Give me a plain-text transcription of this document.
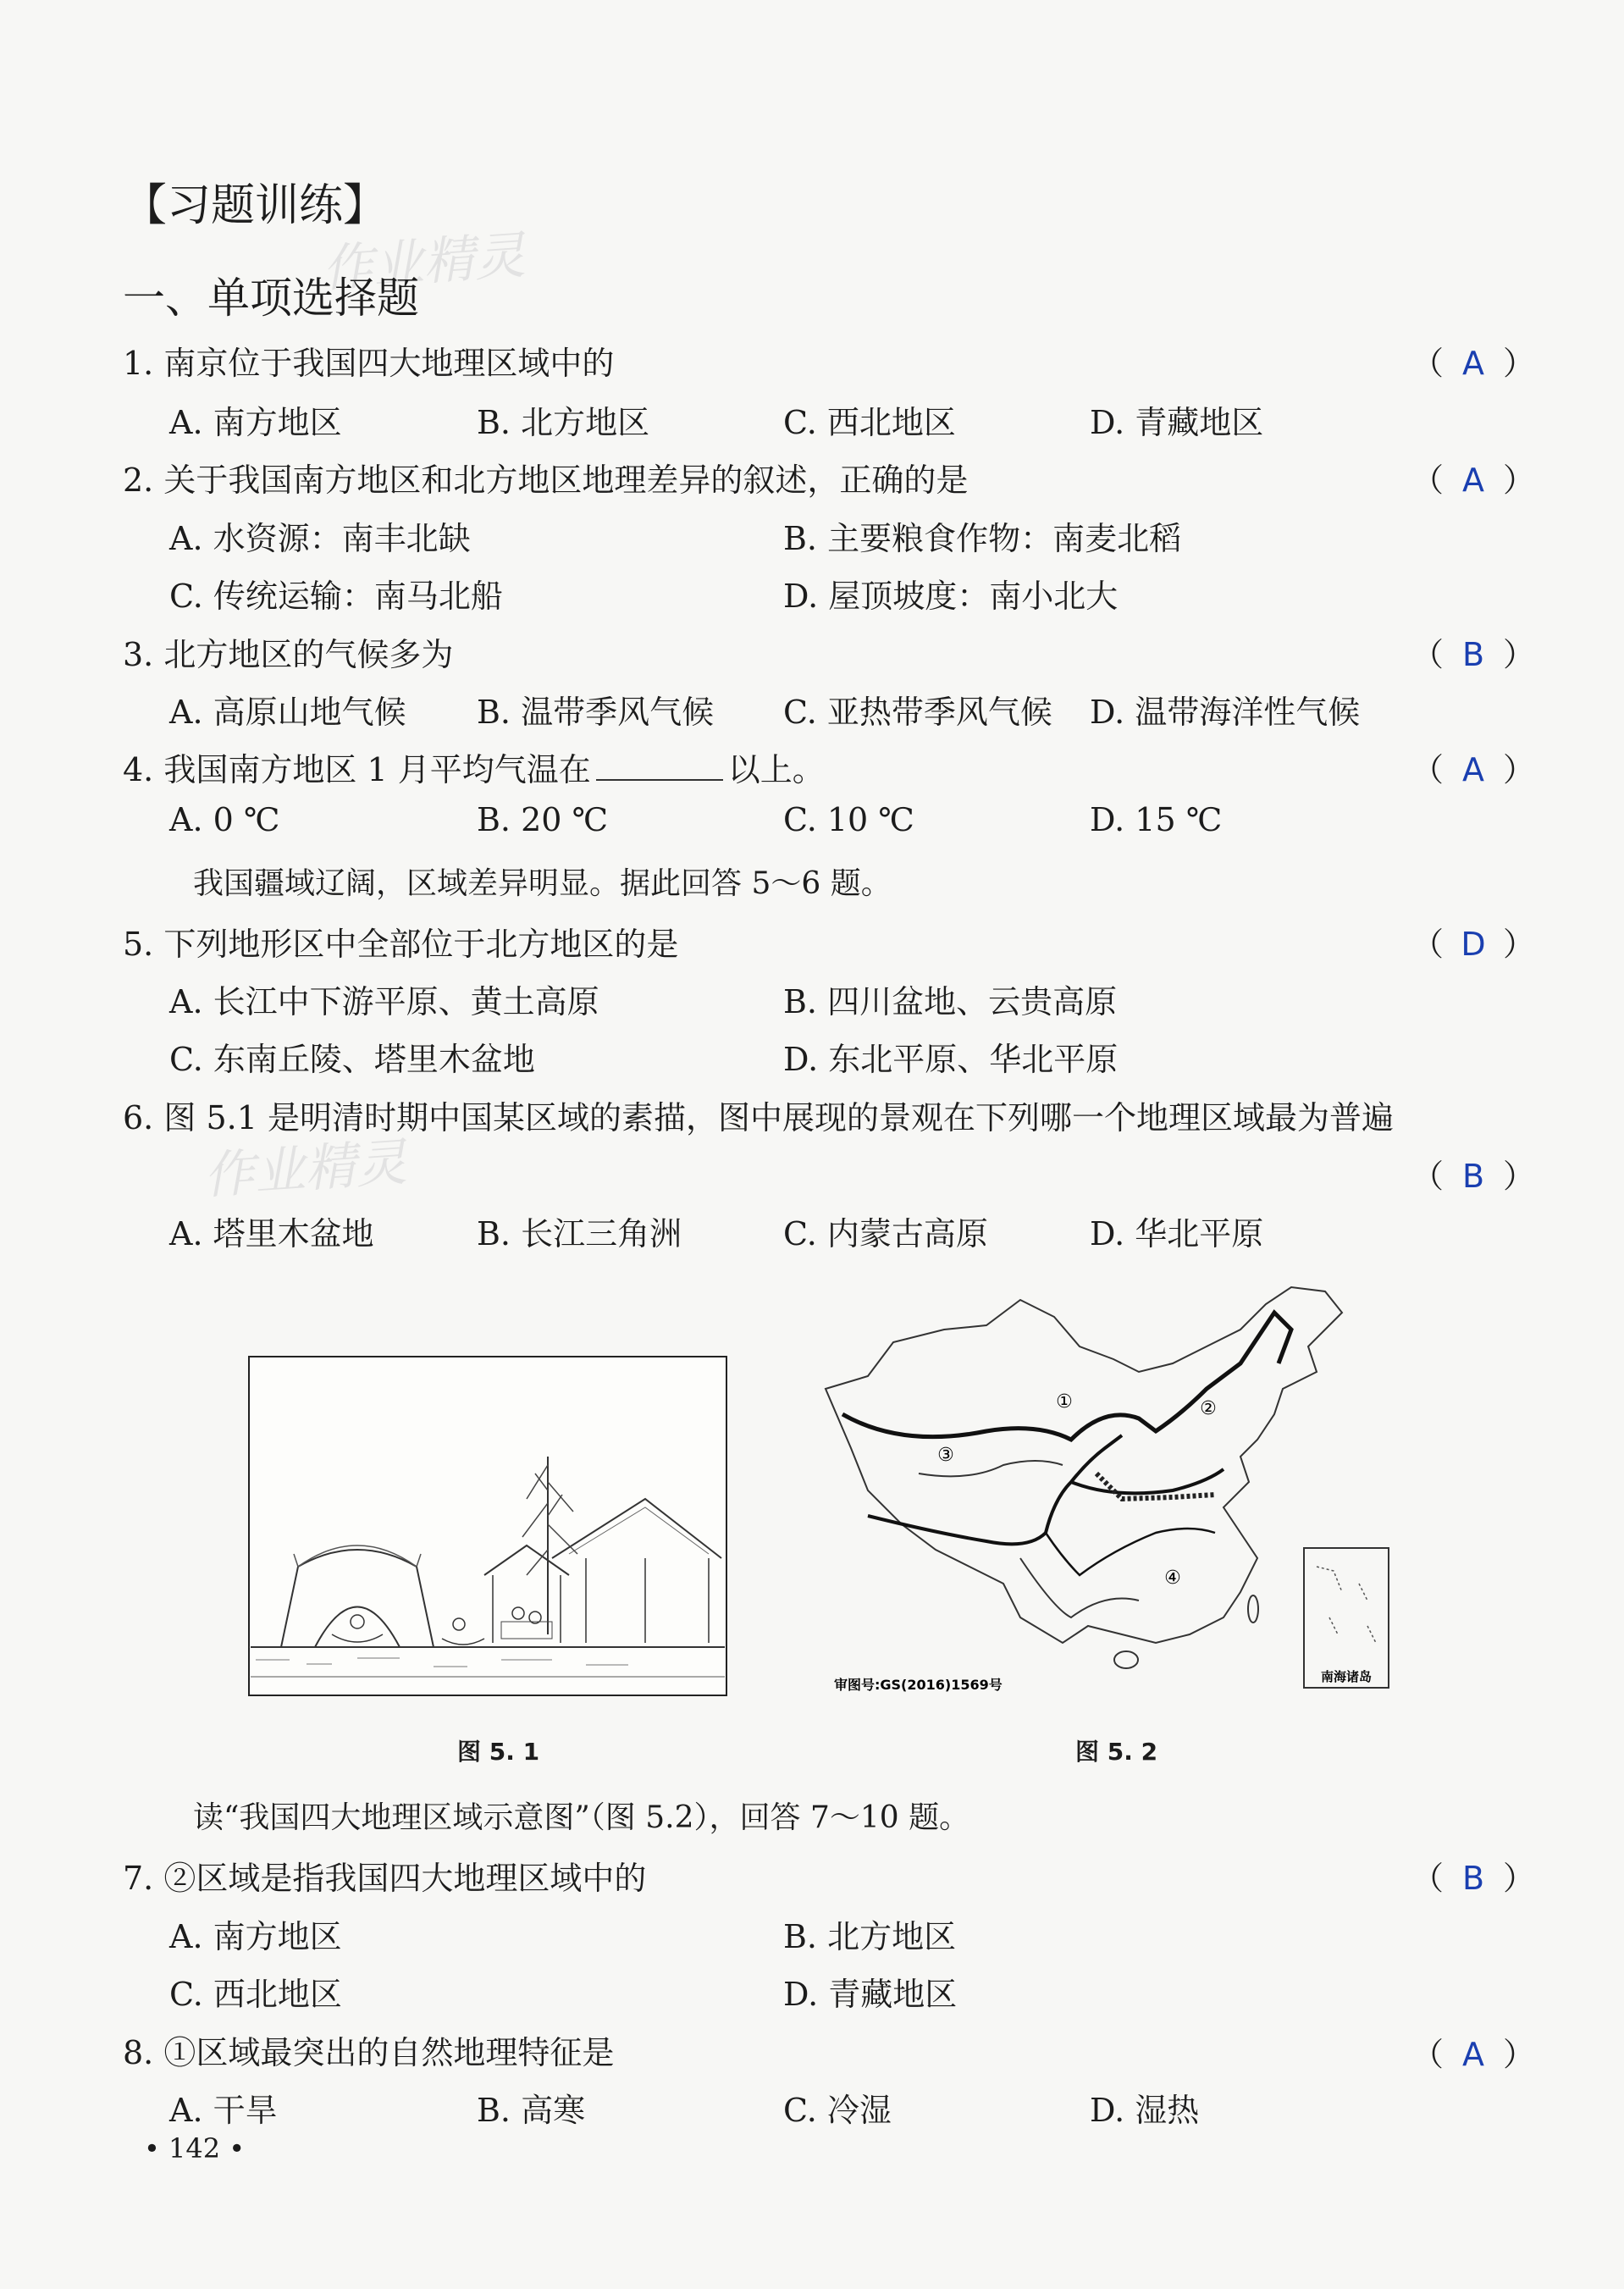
【习题训练】
作业精灵
一、单项选择题
1. 南京位于我国四大地理区域中的	（ A ）
A. 南方地区	B. 北方地区	C. 西北地区	D. 青藏地区
2. 关于我国南方地区和北方地区地理差异的叙述，正确的是	（ A ）
A. 水资源：南丰北缺	B. 主要粮食作物：南麦北稻
C. 传统运输：南马北船	D. 屋顶坡度：南小北大
3. 北方地区的气候多为	（ B ）
A. 高原山地气候 B. 温带季风气候 C. 亚热带季风气候 D. 温带海洋性气候
4. 我国南方地区 1 月平均气温在	以上。	（ A ）
A. 0 ℃	B. 20 ℃	C. 10 ℃	D. 15 ℃
我国疆域辽阔，区域差异明显。据此回答 5～6 题。
5. 下列地形区中全部位于北方地区的是	（ D ）
A. 长江中下游平原、黄土高原	B. 四川盆地、云贵高原
C. 东南丘陵、塔里木盆地	D. 东北平原、华北平原
6. 图 5.1 是明清时期中国某区域的素描，图中展现的景观在下列哪一个地理区域最为普遍
作业精灵	（ B ）
A. 塔里木盆地	B. 长江三角洲	C. 内蒙古高原	D. 华北平原
图 5. 1
①	②
③
④
南海诸岛
审图号:GS(2016)1569号
图 5. 2
读“我国四大地理区域示意图”（图 5.2），回答 7～10 题。
7. ②区域是指我国四大地理区域中的	（ B ）
A. 南方地区	B. 北方地区
C. 西北地区	D. 青藏地区
8. ①区域最突出的自然地理特征是	（ A ）
A. 干旱	B. 高寒	C. 冷湿	D. 湿热
• 142 •
